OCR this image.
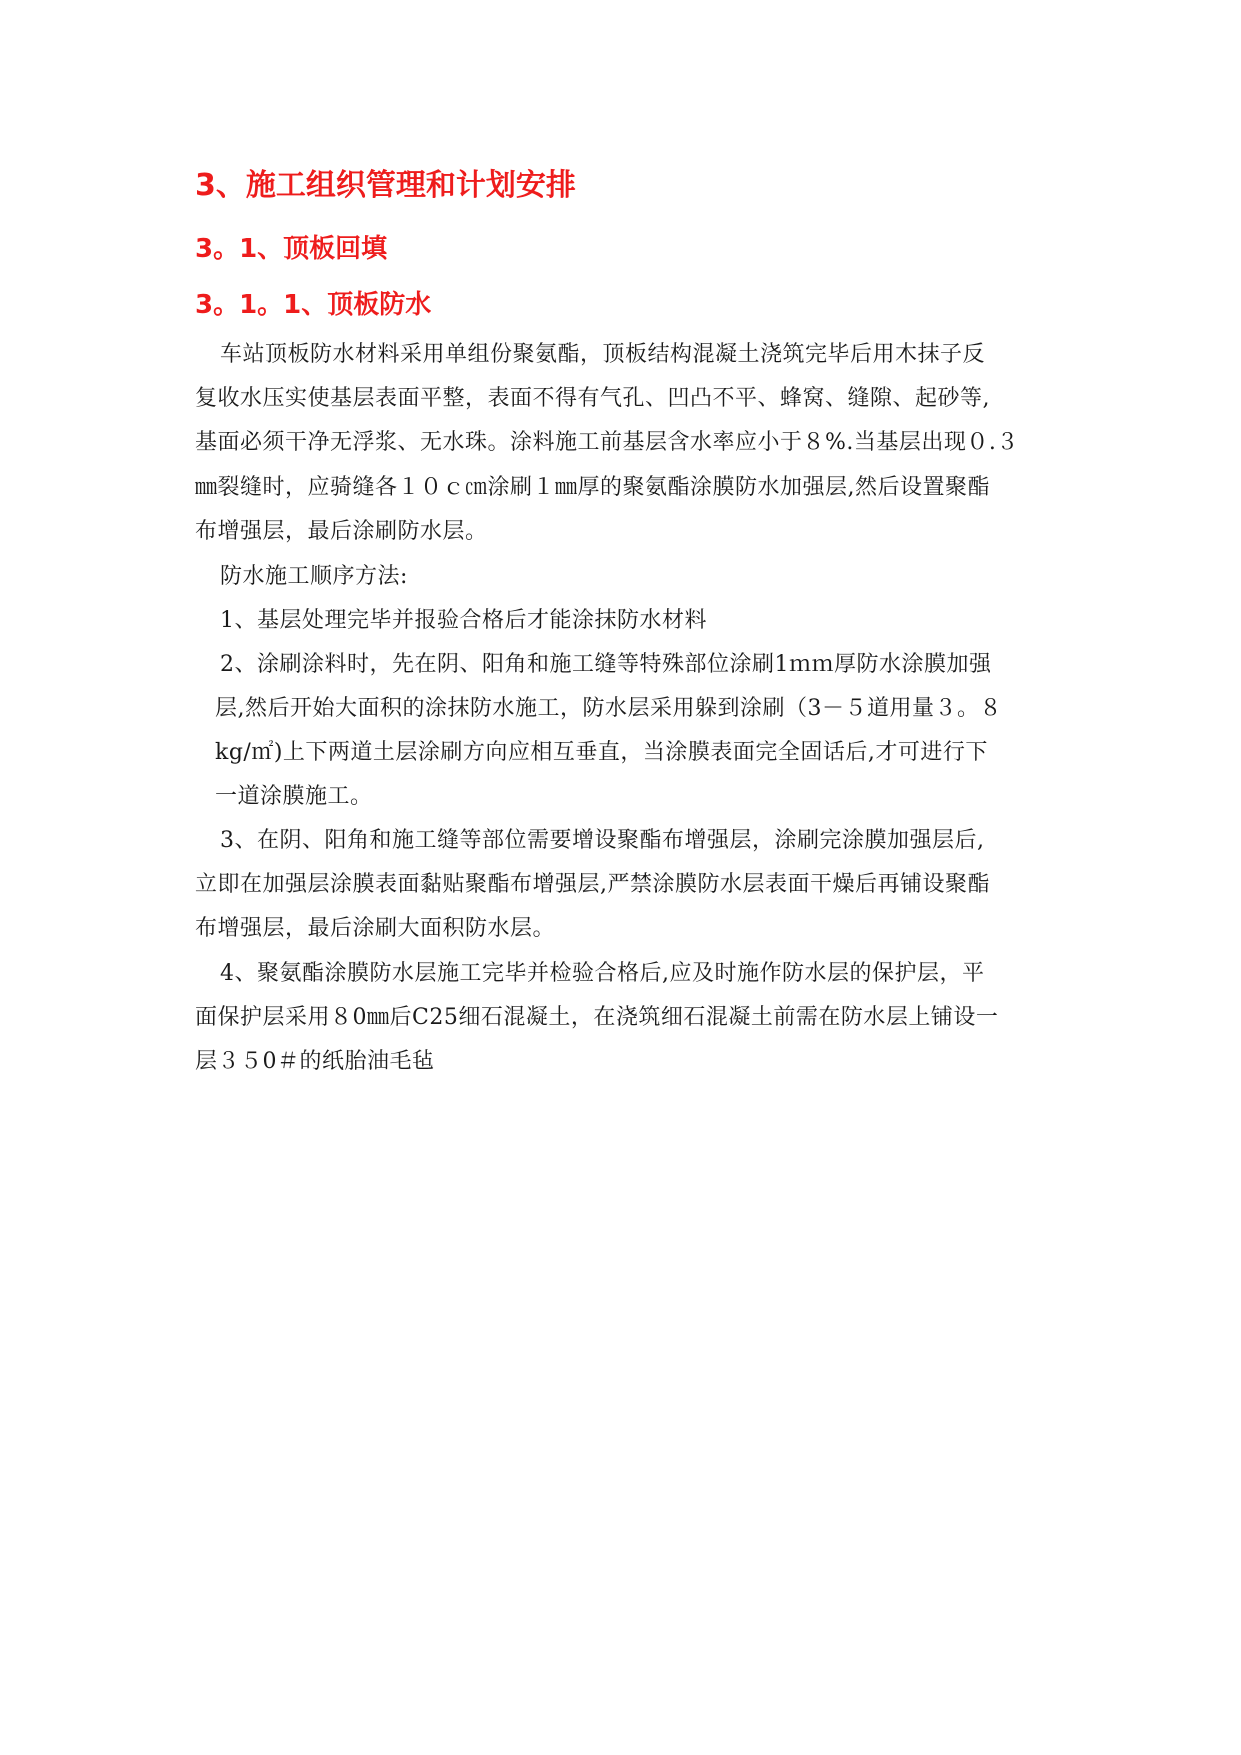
3、施工组织管理和计划安排
3。1、顶板回填
3。1。1、顶板防水

车站顶板防水材料采用单组份聚氨酯，顶板结构混凝土浇筑完毕后用木抹子反

复收水压实使基层表面平整，表面不得有气孔、凹凸不平、蜂窝、缝隙、起砂等,

基面必须干净无浮浆、无水珠。涂料施工前基层含水率应小于８%.当基层出现０.３

㎜裂缝时，应骑缝各１０ｃ㎝涂刷１㎜厚的聚氨酯涂膜防水加强层,然后设置聚酯

布增强层，最后涂刷防水层。

防水施工顺序方法:

1、基层处理完毕并报验合格后才能涂抹防水材料

2、涂刷涂料时，先在阴、阳角和施工缝等特殊部位涂刷1ｍｍ厚防水涂膜加强

层,然后开始大面积的涂抹防水施工，防水层采用躲到涂刷（3－５道用量３。８

kg/㎡)上下两道土层涂刷方向应相互垂直，当涂膜表面完全固话后,才可进行下

一道涂膜施工。

3、在阴、阳角和施工缝等部位需要增设聚酯布增强层，涂刷完涂膜加强层后,

立即在加强层涂膜表面黏贴聚酯布增强层,严禁涂膜防水层表面干燥后再铺设聚酯

布增强层，最后涂刷大面积防水层。

4、聚氨酯涂膜防水层施工完毕并检验合格后,应及时施作防水层的保护层，平

面保护层采用８0㎜后C25细石混凝土，在浇筑细石混凝土前需在防水层上铺设一

层３５0＃的纸胎油毛毡
